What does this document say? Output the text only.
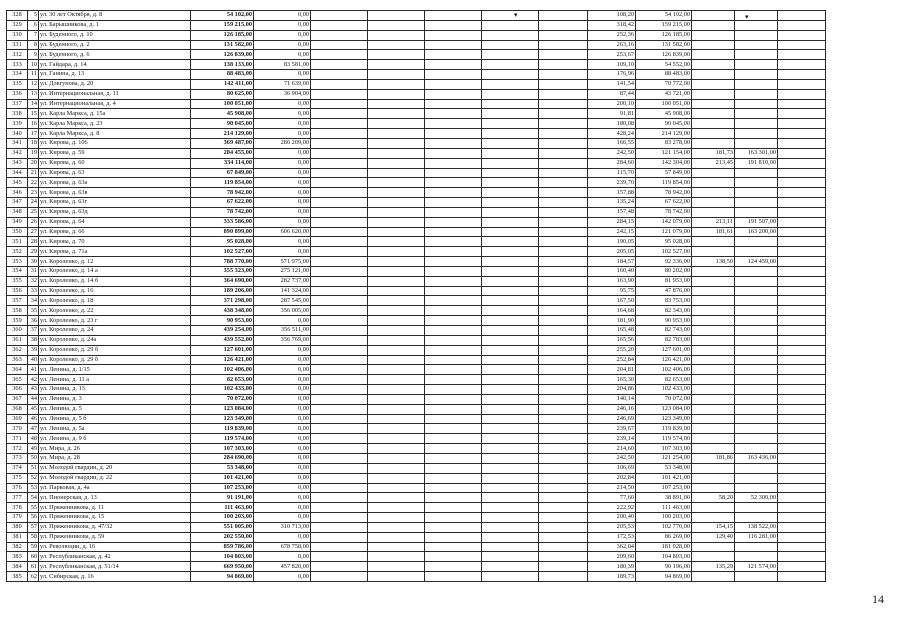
328	5	ул. 30 лет Октября, д. 8	54 102,00	0,00						108,20	54 102,00			
329	6	ул. Барышникова, д. 1	159 215,00	0,00						318,42	159 215,00			
330	7	ул. Буденного, д. 10	126 185,00	0,00						252,36	126 185,00			
331	8	ул. Буденного, д. 2	131 582,00	0,00						263,16	131 582,00			
332	9	ул. Буденного, д. 6	126 839,00	0,00						253,67	126 839,00			
333	10	ул. Гайдара, д. 14	138 133,00	83 581,00						109,10	54 552,00			
334	11	ул. Ганина, д. 13	88 483,00	0,00						176,96	88 483,00			
335	12	ул. Довгунова, д. 20	142 411,00	71 639,00						141,54	70 772,00			
336	13	ул. Интернациональная, д. 11	80 625,00	36 904,00						87,44	43 721,00			
337	14	ул. Интернациональная, д. 4	100 051,00	0,00						200,10	100 051,00			
338	15	ул. Карла Маркса, д. 15а	45 908,00	0,00						91,81	45 908,00			
339	16	ул. Карла Маркса, д. 23	90 045,00	0,00						180,08	90 045,00			
340	17	ул. Карла Маркса, д. 8	214 129,00	0,00						428,24	214 129,00			
341	18	ул. Кирова, д. 106	369 487,00	286 209,00						166,55	83 278,00			
342	19	ул. Кирова, д. 59	284 455,00	0,00						242,50	121 154,00	181,73	163 301,00	
343	20	ул. Кирова, д. 60	334 114,00	0,00						284,60	142 304,00	213,45	191 810,00	
344	21	ул. Кирова, д. 63	67 849,00	0,00						115,70	57 849,00			
345	22	ул. Кирова, д. 63а	119 854,00	0,00						239,70	119 854,00			
346	23	ул. Кирова, д. 63в	78 942,00	0,00						157,88	78 942,00			
347	24	ул. Кирова, д. 63г	67 622,00	0,00						135,24	67 622,00			
348	25	ул. Кирова, д. 63д	78 742,00	0,00						157,48	78 742,00			
349	26	ул. Кирова, д. 64	333 586,00	0,00						284,15	142 079,00	213,11	191 507,00	
350	27	ул. Кирова, д. 66	890 899,00	606 620,00						242,15	121 079,00	181,61	163 200,00	
351	28	ул. Кирова, д. 70	95 028,00	0,00						190,05	95 028,00			
352	29	ул. Кирова, д. 71а	102 527,00	0,00						205,05	102 527,00			
353	30	ул. Короленко, д. 12	788 770,00	571 975,00						184,57	92 336,00	138,50	124 459,00	
354	31	ул. Короленко, д. 14 а	355 323,00	275 121,00						160,40	80 202,00			
355	32	ул. Короленко, д. 14 б	364 690,00	282 737,00						163,90	81 953,00			
356	33	ул. Короленко, д. 16	189 206,00	141 324,00						95,75	47 876,00			
357	34	ул. Короленко, д. 18	371 298,00	287 545,00						167,50	83 753,00			
358	35	ул. Короленко, д. 22	438 348,00	356 005,00						164,68	82 343,00			
359	36	ул. Короленко, д. 23 г	90 953,00	0,00						181,90	90 953,00			
360	37	ул. Короленко, д. 24	439 254,00	356 511,00						165,48	82 743,00			
361	38	ул. Короленко, д. 24а	439 552,00	356 769,00						165,56	82 783,00			
362	39	ул. Короленко, д. 29 б	127 601,00	0,00						255,20	127 601,00			
363	40	ул. Короленко, д. 29 б	126 421,00	0,00						252,84	126 421,00			
364	41	ул. Ленина, д. 1/15	102 406,00	0,00						204,81	102 406,00			
365	42	ул. Ленина, д. 11 а	82 653,00	0,00						165,30	82 653,00			
366	43	ул. Ленина, д. 13	102 433,00	0,00						204,86	102 433,00			
367	44	ул. Ленина, д. 3	70 072,00	0,00						140,14	70 072,00			
368	45	ул. Ленина, д. 5	123 084,00	0,00						246,16	123 084,00			
369	46	ул. Ленина, д. 5 б	123 349,00	0,00						246,69	123 349,00			
370	47	ул. Ленина, д. 5а	119 839,00	0,00						239,67	119 839,00			
371	48	ул. Ленина, д. 9 б	119 574,00	0,00						239,14	119 574,00			
372	49	ул. Мира, д. 26	107 303,00	0,00						214,60	107 303,00			
373	50	ул. Мира, д. 28	284 690,00	0,00						242,50	121 254,00	181,86	163 436,00	
374	51	ул. Молодой гвардии, д. 20	53 348,00	0,00						106,69	53 348,00			
375	52	ул. Молодой гвардии, д. 22	101 421,00	0,00						202,84	101 421,00			
376	53	ул. Парковая, д. 4а	107 253,00	0,00						214,50	107 253,00			
377	54	ул. Пионерская, д. 13	91 191,00	0,00						77,60	38 891,00	58,20	52 300,00	
378	55	ул. Пряженникова, д. 11	111 463,00	0,00						222,92	111 463,00			
379	56	ул. Пряженникова, д. 15	100 203,00	0,00						200,40	100 203,00			
380	57	ул. Пряженникова, д. 47/32	551 005,00	310 713,00						205,53	102 770,00	154,15	138 522,00	
381	58	ул. Пряженникова, д. 59	202 550,00	0,00						172,53	86 269,00	129,40	116 281,00	
382	59	ул. Революции, д. 16	859 786,00	678 758,00						362,04	181 028,00			
383	60	ул. Республиканская, д. 42	104 803,00	0,00						209,60	104 803,00			
384	61	ул. Республиканская, д. 51/14	669 950,00	457 820,00						180,39	90 196,00	135,29	121 574,00	
385	62	ул. Сибирская, д. 16	94 869,00	0,00						189,73	94 869,00			
▾	▾
14
